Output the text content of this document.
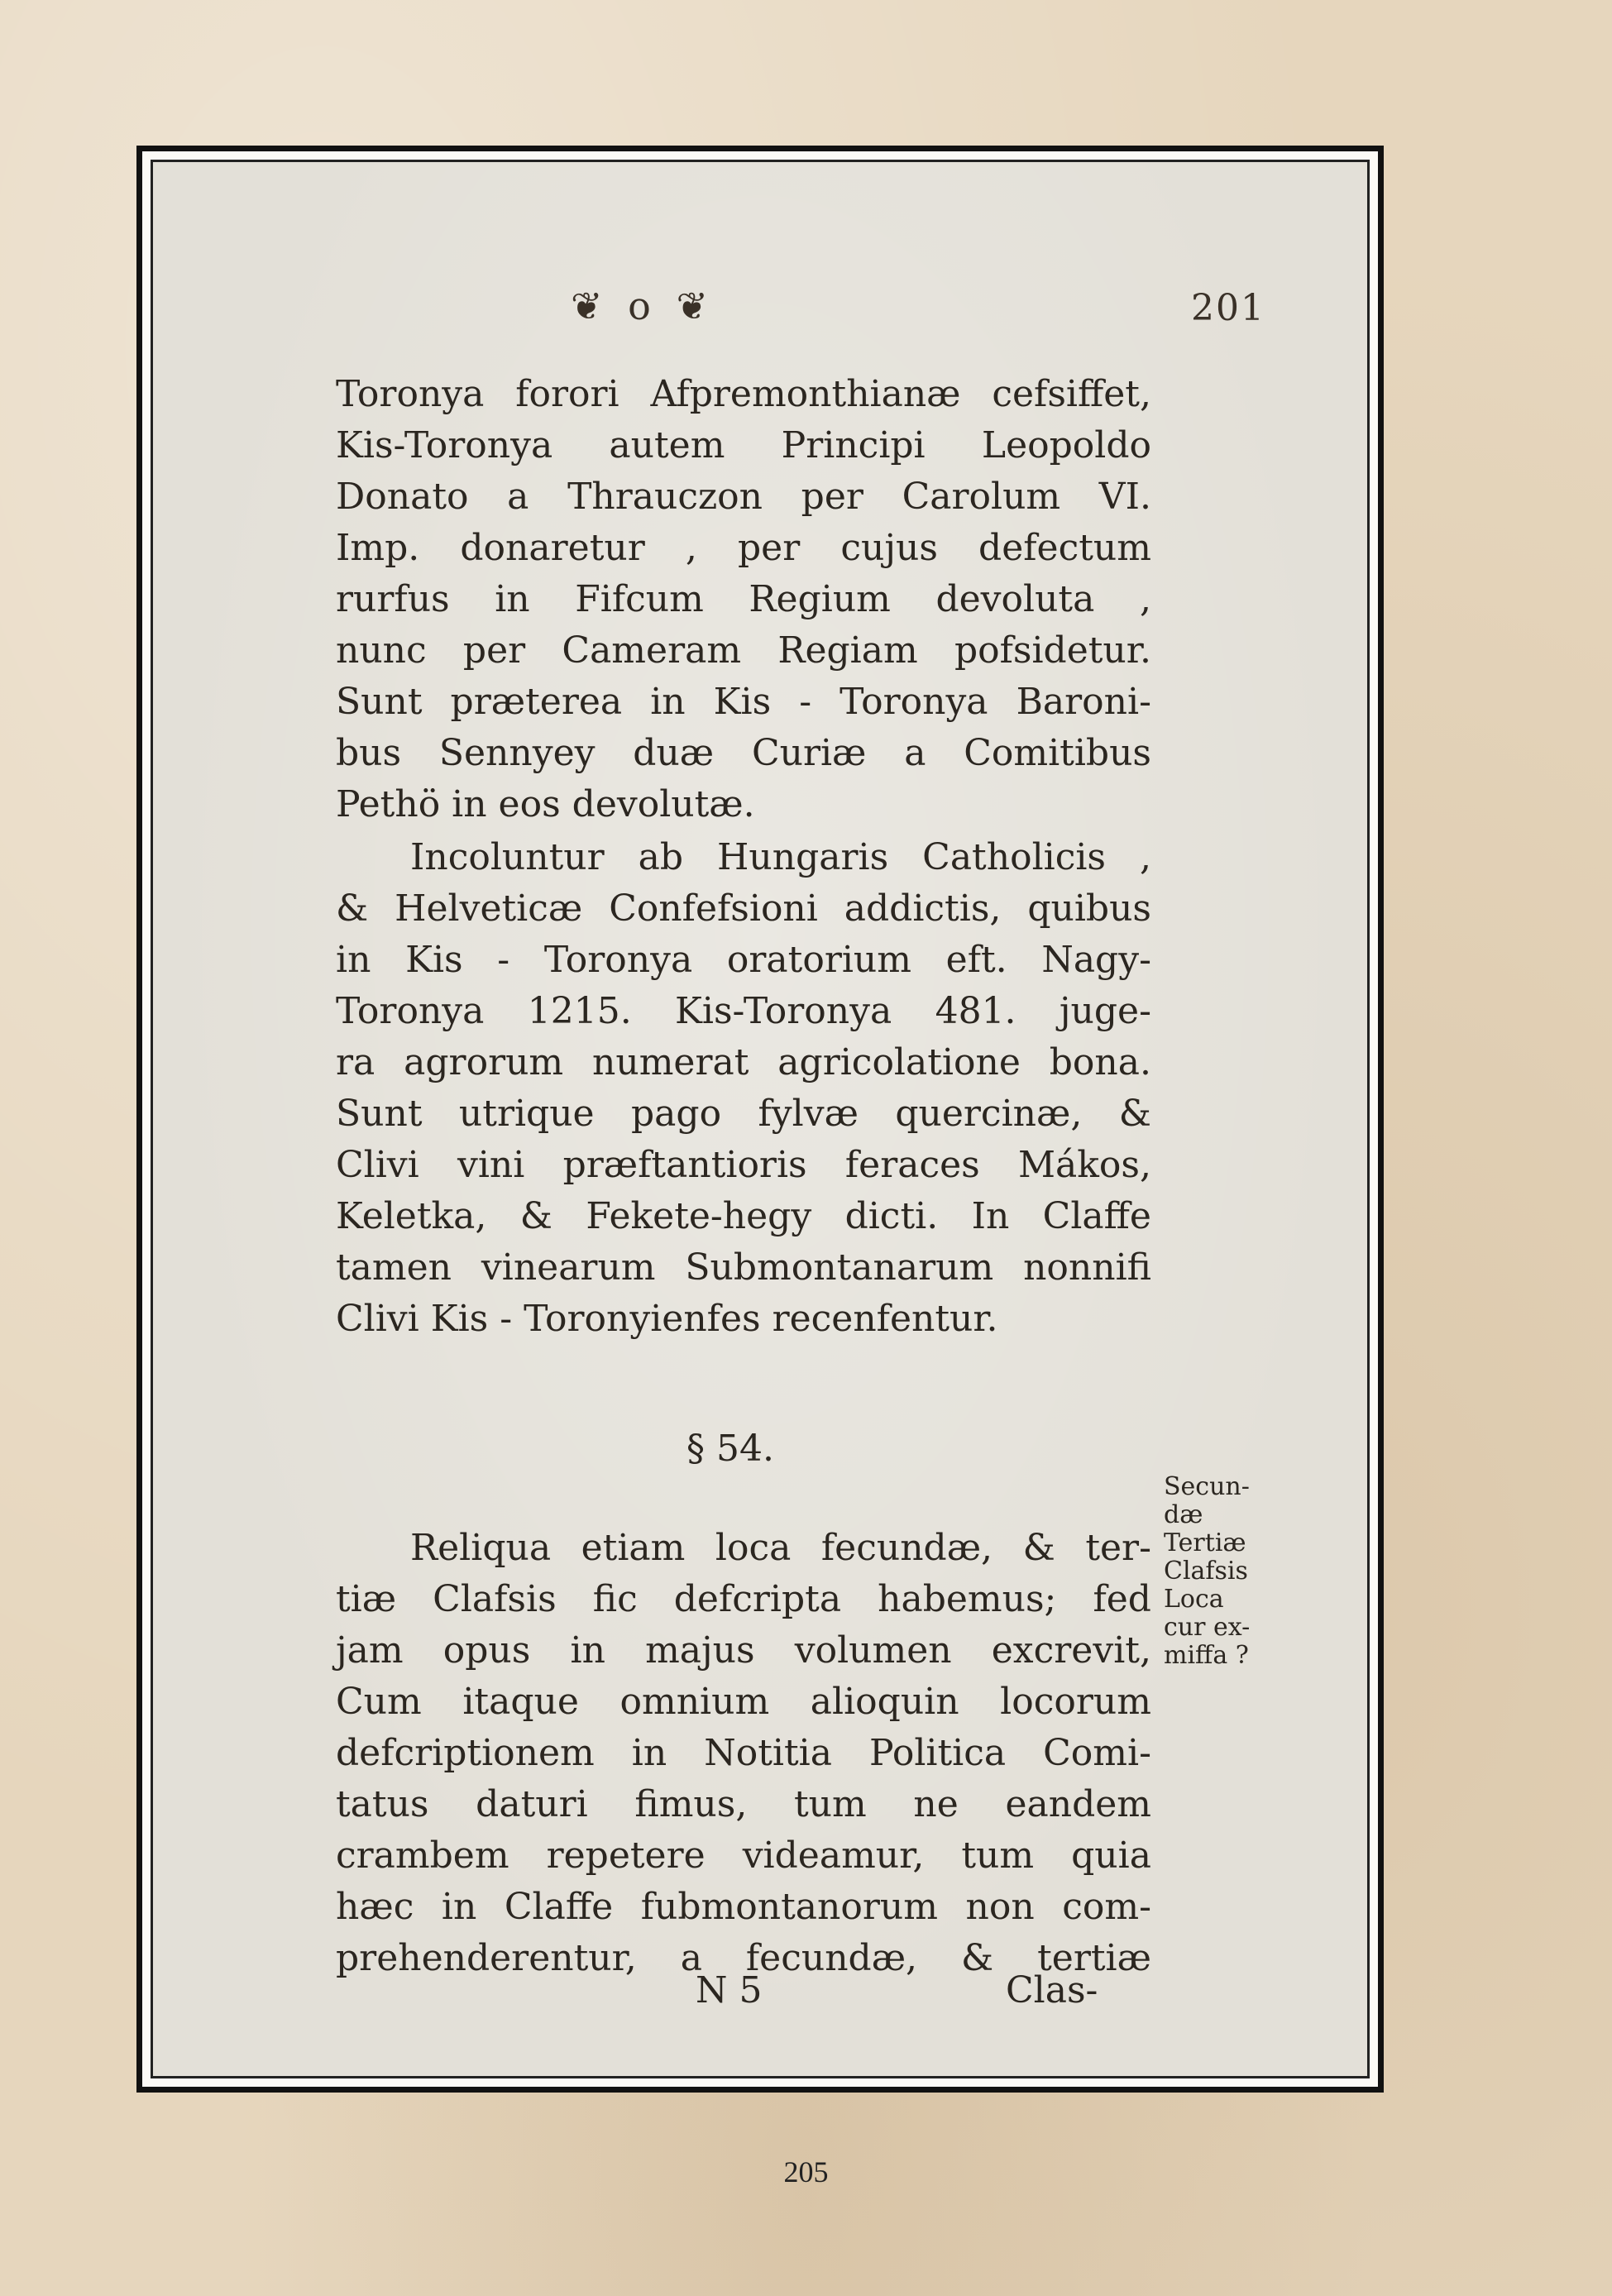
❦ o ❦	201
Toronya forori Afpremonthianæ cefsiffet,
Kis-Toronya autem Principi Leopoldo
Donato a Thrauczon per Carolum VI.
Imp. donaretur , per cujus defectum
rurfus in Fifcum Regium devoluta ,
nunc per Cameram Regiam pofsidetur.
Sunt præterea in Kis - Toronya Baroni-
bus Sennyey duæ Curiæ a Comitibus
Pethö in eos devolutæ.
Incoluntur ab Hungaris Catholicis ,
& Helveticæ Confefsioni addictis, quibus
in Kis - Toronya oratorium eft. Nagy-
Toronya 1215. Kis-Toronya 481. juge-
ra agrorum numerat agricolatione bona.
Sunt utrique pago fylvæ quercinæ, &
Clivi vini præftantioris feraces Mákos,
Keletka, & Fekete-hegy dicti. In Claffe
tamen vinearum Submontanarum nonnifi
Clivi Kis - Toronyienfes recenfentur.
§ 54.
Secun-
dæ
Tertiæ
Clafsis
Loca
cur ex-
miffa ?
Reliqua etiam loca fecundæ, & ter-
tiæ Clafsis fic defcripta habemus; fed
jam opus in majus volumen excrevit,
Cum itaque omnium alioquin locorum
defcriptionem in Notitia Politica Comi-
tatus daturi fimus, tum ne eandem
crambem repetere videamur, tum quia
hæc in Claffe fubmontanorum non com-
prehenderentur, a fecundæ, & tertiæ
N 5	Clas-
205
